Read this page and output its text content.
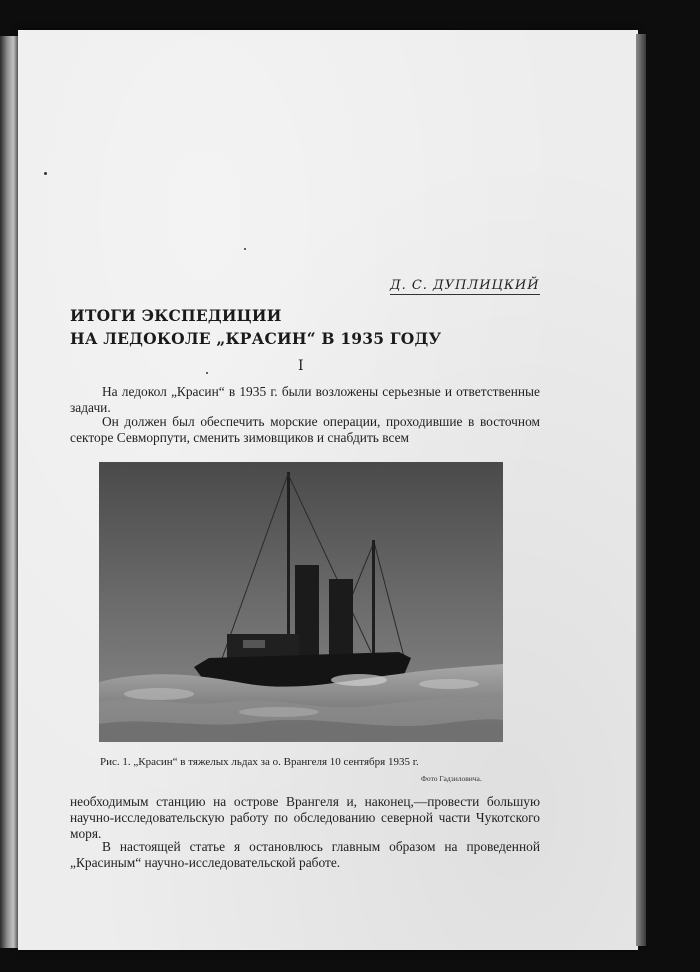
Д. С. ДУПЛИЦКИЙ
ИТОГИ ЭКСПЕДИЦИИ
НА ЛЕДОКОЛЕ „КРАСИН“ В 1935 ГОДУ
I

На ледокол „Красин“ в 1935 г. были возложены серьезные и ответственные задачи.

Он должен был обеспечить морские операции, проходившие в восточном секторе Севморпути, сменить зимовщиков и снабдить всем

Рис. 1. „Красин“ в тяжелых льдах за о. Врангеля 10 сентября 1935 г.
Фото Гадзиловича.

необходимым станцию на острове Врангеля и, наконец,—провести большую научно-исследовательскую работу по обследованию северной части Чукотского моря.

В настоящей статье я остановлюсь главным образом на проведенной „Красиным“ научно-исследовательской работе.
